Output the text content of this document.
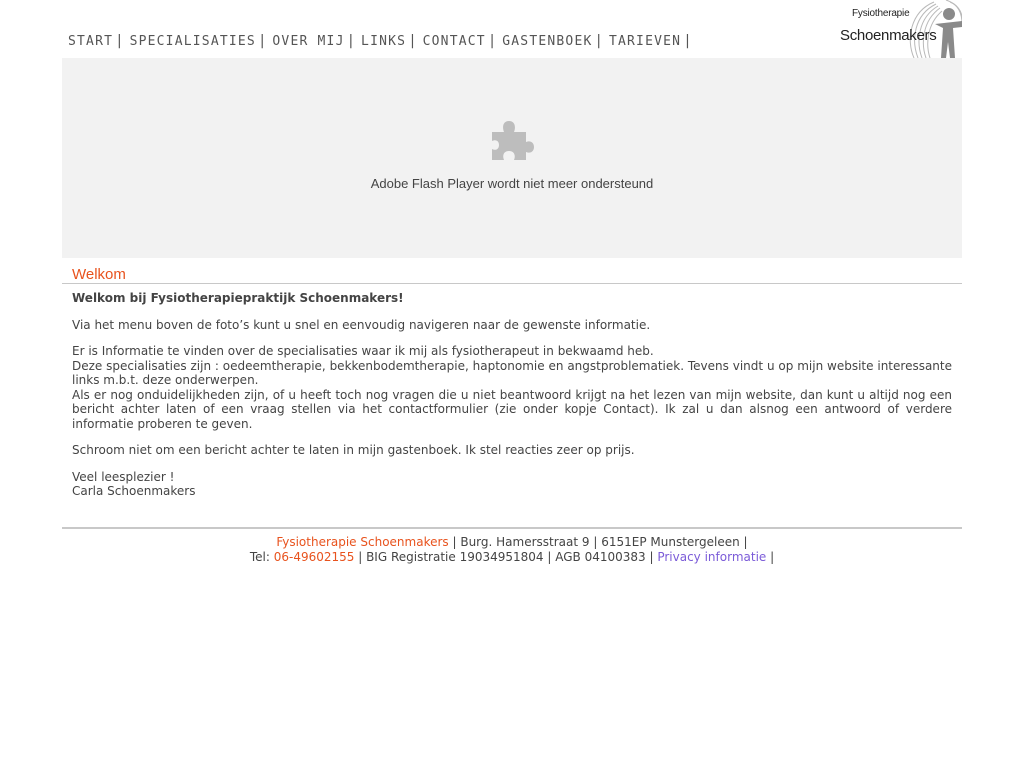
START | SPECIALISATIES | OVER MIJ | LINKS | CONTACT | GASTENBOEK | TARIEVEN |
Fysiotherapie
Schoenmakers
Adobe Flash Player wordt niet meer ondersteund
Welkom

Welkom bij Fysiotherapiepraktijk Schoenmakers!

Via het menu boven de foto’s kunt u snel en eenvoudig navigeren naar de gewenste informatie.

Er is Informatie te vinden over de specialisaties waar ik mij als fysiotherapeut in bekwaamd heb.
Deze specialisaties zijn : oedeemtherapie, bekkenbodemtherapie, haptonomie en angstproblematiek. Tevens vindt u op mijn website interessante links m.b.t. deze onderwerpen.
Als er nog onduidelijkheden zijn, of u heeft toch nog vragen die u niet beantwoord krijgt na het lezen van mijn website, dan kunt u altijd nog een bericht achter laten of een vraag stellen via het contactformulier (zie onder kopje Contact). Ik zal u dan alsnog een antwoord of verdere informatie proberen te geven.

Schroom niet om een bericht achter te laten in mijn gastenboek. Ik stel reacties zeer op prijs.

Veel leesplezier !
Carla Schoenmakers

Fysiotherapie Schoenmakers | Burg. Hamersstraat 9 | 6151EP Munstergeleen |
Tel: 06-49602155 | BIG Registratie 19034951804 | AGB 04100383 | Privacy informatie |
